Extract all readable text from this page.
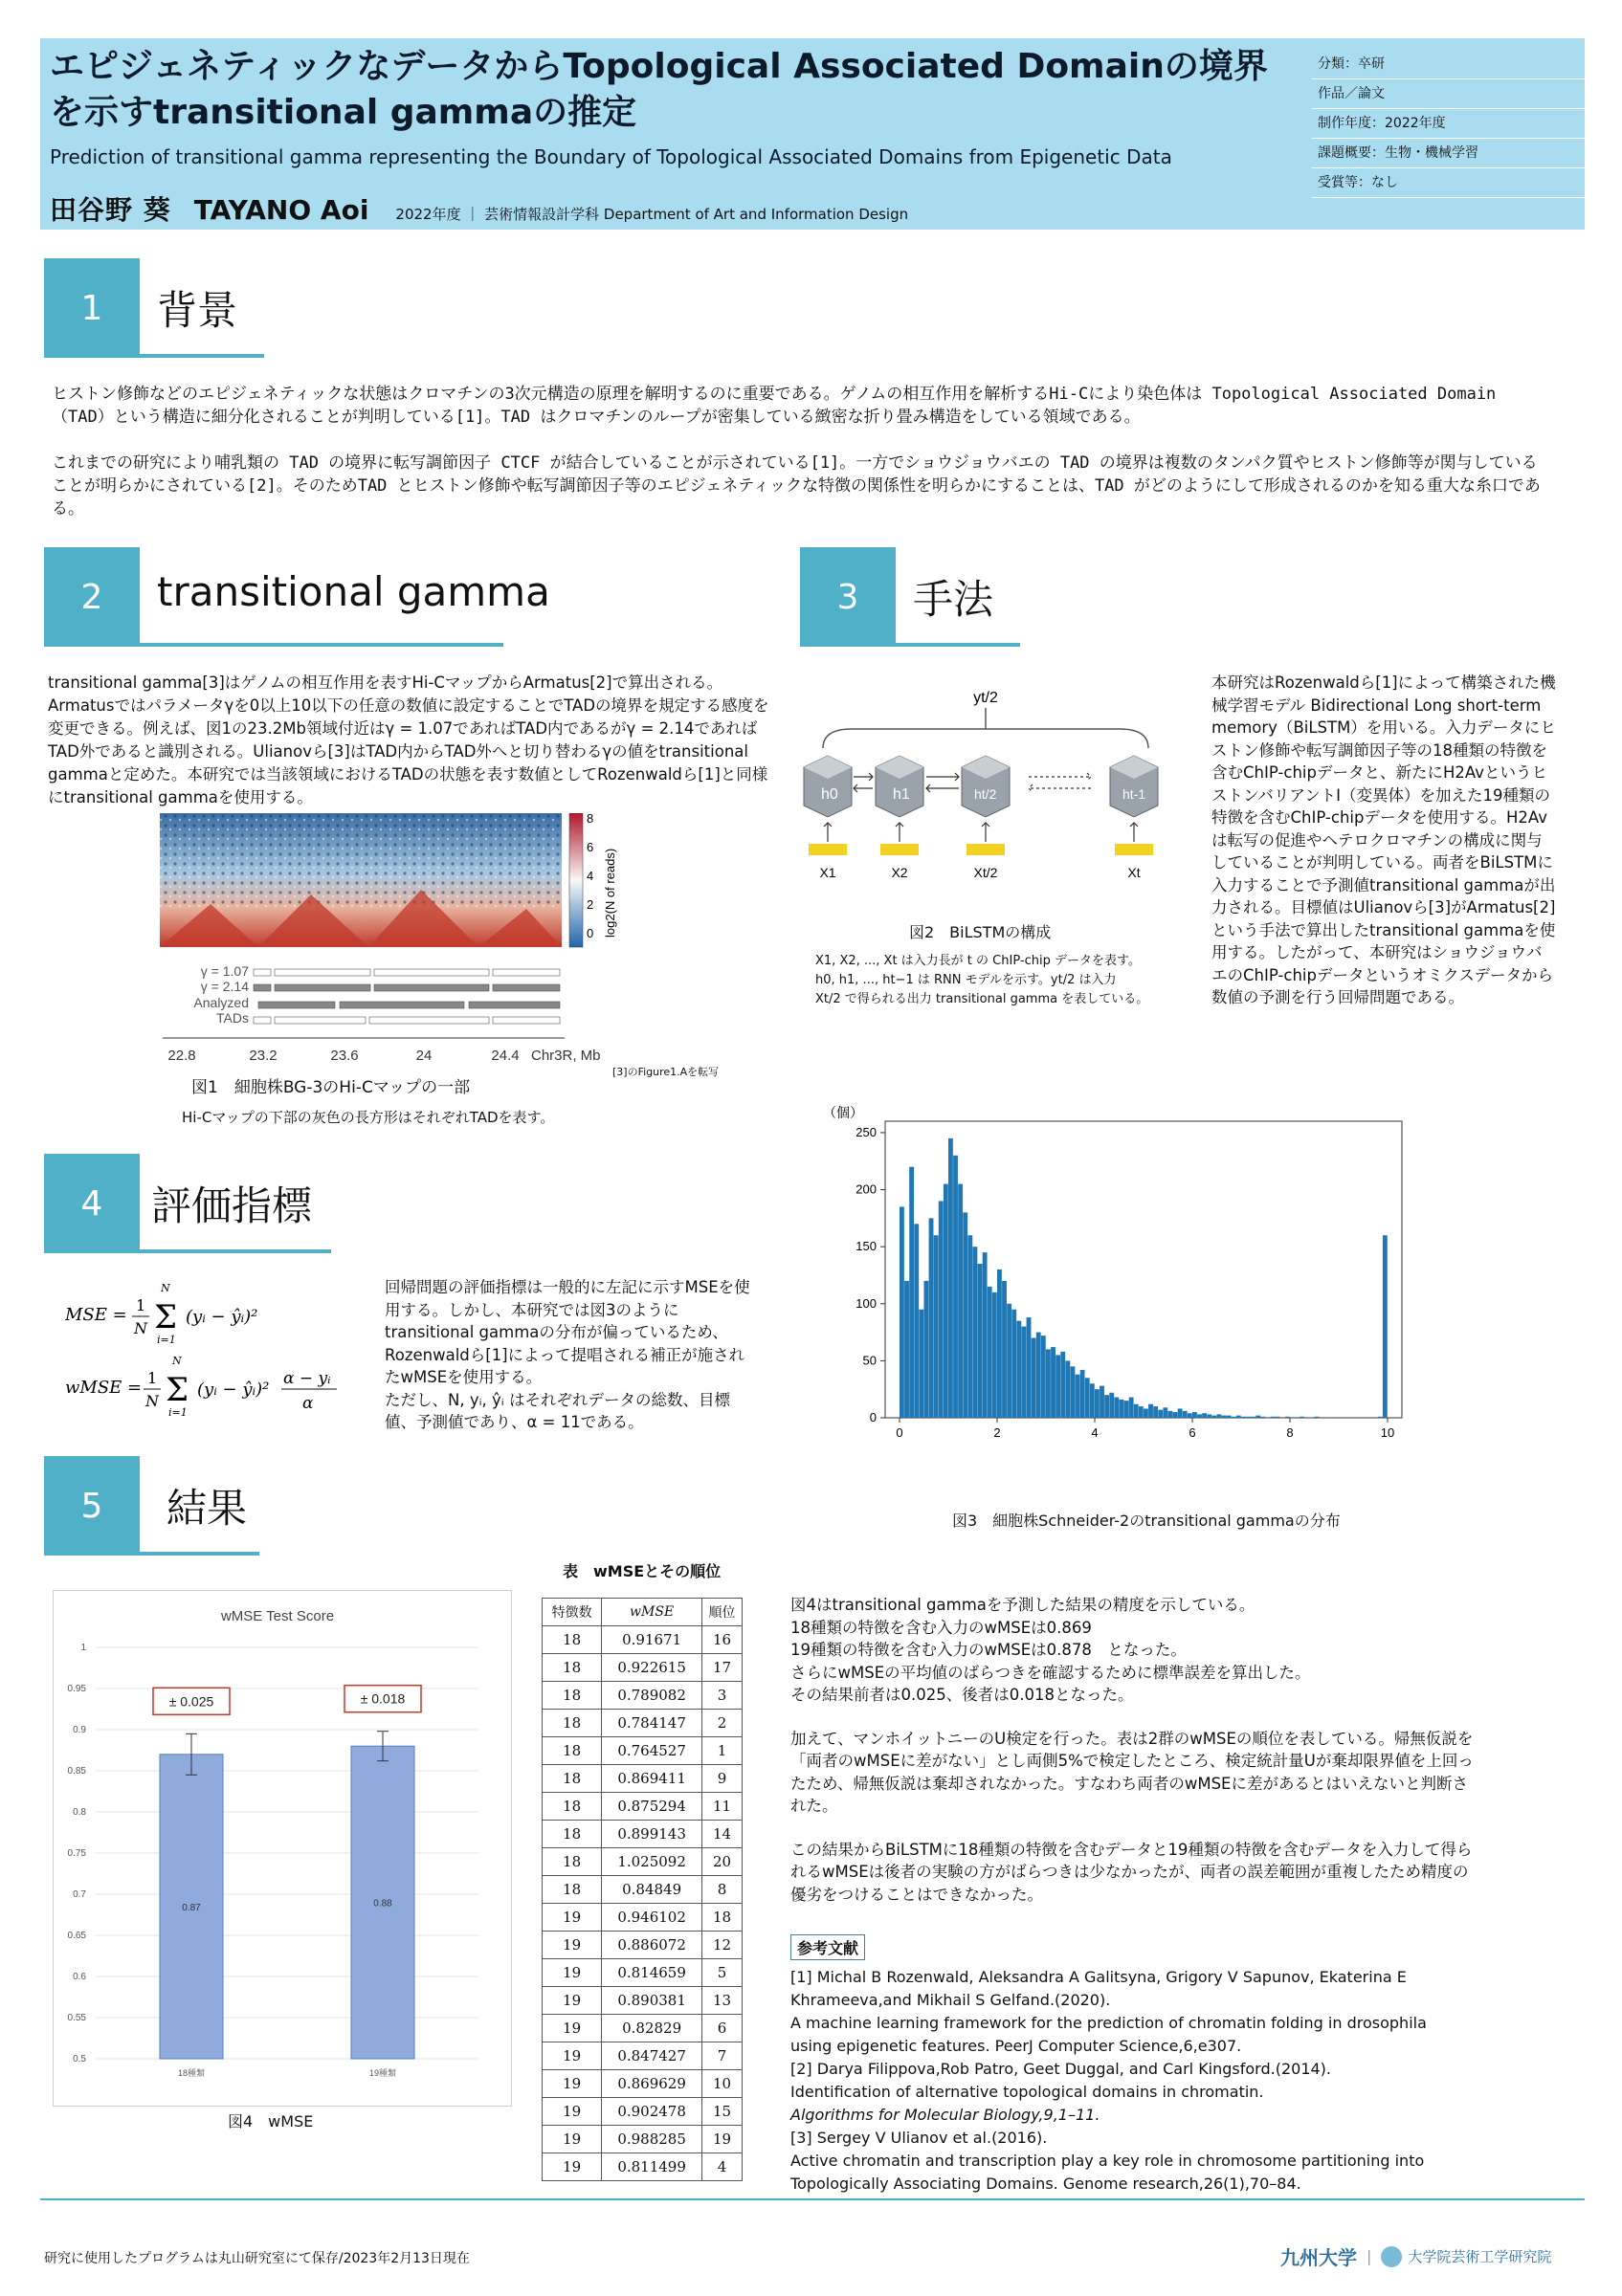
エピジェネティックなデータからTopological Associated Domainの境界を示すtransitional gammaの推定
Prediction of transitional gamma representing the Boundary of Topological Associated Domains from Epigenetic Data
田谷野 葵 TAYANO Aoi 2022年度 ｜ 芸術情報設計学科 Department of Art and Information Design
分類：卒研
作品／論文
制作年度：2022年度
課題概要：生物・機械学習
受賞等：なし
1	背景

ヒストン修飾などのエピジェネティックな状態はクロマチンの3次元構造の原理を解明するのに重要である。ゲノムの相互作用を解析するHi-Cにより染色体は Topological Associated Domain（TAD）という構造に細分化されることが判明している[1]。TAD はクロマチンのループが密集している緻密な折り畳み構造をしている領域である。

これまでの研究により哺乳類の TAD の境界に転写調節因子 CTCF が結合していることが示されている[1]。一方でショウジョウバエの TAD の境界は複数のタンパク質やヒストン修飾等が関与していることが明らかにされている[2]。そのためTAD とヒストン修飾や転写調節因子等のエピジェネティックな特徴の関係性を明らかにすることは、TAD がどのようにして形成されるのかを知る重大な糸口である。

2	transitional gamma
transitional gamma[3]はゲノムの相互作用を表すHi-CマップからArmatus[2]で算出される。Armatusではパラメータγを0以上10以下の任意の数値に設定することでTADの境界を規定する感度を変更できる。例えば、図1の23.2Mb領域付近はγ = 1.07であればTAD内であるがγ = 2.14であればTAD外であると識別される。Ulianovら[3]はTAD内からTAD外へと切り替わるγの値をtransitional gammaと定めた。本研究では当該領域におけるTADの状態を表す数値としてRozenwaldら[1]と同様にtransitional gammaを使用する。
8
6
4
2
0 log2(N of reads)
γ = 1.07
γ = 2.14
Analyzed
TADs
22.8	23.2	23.6	24	24.4 Chr3R, Mb
図1　細胞株BG-3のHi-Cマップの一部
[3]のFigure1.Aを転写
Hi-Cマップの下部の灰色の長方形はそれぞれTADを表す。
3	手法
yt/2
h0	h1	ht/2	ht-1
X1	X2	Xt/2	Xt
図2　BiLSTMの構成
X1, X2, ..., Xt は入力長が t の ChIP-chip データを表す。
h0, h1, ..., ht−1 は RNN モデルを示す。yt/2 は入力
Xt/2 で得られる出力 transitional gamma を表している。
本研究はRozenwaldら[1]によって構築された機械学習モデル Bidirectional Long short-term memory（BiLSTM）を用いる。入力データにヒストン修飾や転写調節因子等の18種類の特徴を含むChIP-chipデータと、新たにH2AvというヒストンバリアントI（変異体）を加えた19種類の特徴を含むChIP-chipデータを使用する。H2Avは転写の促進やヘテロクロマチンの構成に関与していることが判明している。両者をBiLSTMに入力することで予測値transitional gammaが出力される。目標値はUlianovら[3]がArmatus[2]という手法で算出したtransitional gammaを使用する。したがって、本研究はショウジョウバエのChIP-chipデータというオミクスデータから数値の予測を行う回帰問題である。
（個）
0
50
100
150
200
250
0	2	4	6	8	10
図3　細胞株Schneider-2のtransitional gammaの分布
4	評価指標
MSE = 1
N Σ
N
i=1
(yᵢ − ŷᵢ)²
wMSE = 1
N Σ
N
i=1
(yᵢ − ŷᵢ)²
α − yᵢ
α

回帰問題の評価指標は一般的に左記に示すMSEを使用する。しかし、本研究では図3のようにtransitional gammaの分布が偏っているため、Rozenwaldら[1]によって提唱される補正が施されたwMSEを使用する。

ただし、N, yᵢ, ŷᵢ はそれぞれデータの総数、目標値、予測値であり、α = 11である。

5	結果
wMSE Test Score
0.5
0.55
0.6
0.65
0.7
0.75
0.8
0.85
0.9
0.95
1
0.87
± 0.025
18種類
0.88
± 0.018
19種類
図4　wMSE
表　wMSEとその順位
特徴数	wMSE	順位
18	0.91671	16
18	0.922615	17
18	0.789082	3
18	0.784147	2
18	0.764527	1
18	0.869411	9
18	0.875294	11
18	0.899143	14
18	1.025092	20
18	0.84849	8
19	0.946102	18
19	0.886072	12
19	0.814659	5
19	0.890381	13
19	0.82829	6
19	0.847427	7
19	0.869629	10
19	0.902478	15
19	0.988285	19
19	0.811499	4

図4はtransitional gammaを予測した結果の精度を示している。

18種類の特徴を含む入力のwMSEは0.869

19種類の特徴を含む入力のwMSEは0.878　となった。

さらにwMSEの平均値のばらつきを確認するために標準誤差を算出した。

その結果前者は0.025、後者は0.018となった。

加えて、マンホイットニーのU検定を行った。表は2群のwMSEの順位を表している。帰無仮説を「両者のwMSEに差がない」とし両側5%で検定したところ、検定統計量Uが棄却限界値を上回ったため、帰無仮説は棄却されなかった。すなわち両者のwMSEに差があるとはいえないと判断された。

この結果からBiLSTMに18種類の特徴を含むデータと19種類の特徴を含むデータを入力して得られるwMSEは後者の実験の方がばらつきは少なかったが、両者の誤差範囲が重複したため精度の優劣をつけることはできなかった。

参考文献
[1] Michal B Rozenwald, Aleksandra A Galitsyna, Grigory V Sapunov, Ekaterina E Khrameeva,and Mikhail S Gelfand.(2020).
A machine learning framework for the prediction of chromatin folding in drosophila using epigenetic features. PeerJ Computer Science,6,e307.
[2] Darya Filippova,Rob Patro, Geet Duggal, and Carl Kingsford.(2014).
Identification of alternative topological domains in chromatin.
Algorithms for Molecular Biology,9,1–11.
[3] Sergey V Ulianov et al.(2016).
Active chromatin and transcription play a key role in chromosome partitioning into Topologically Associating Domains. Genome research,26(1),70–84.
研究に使用したプログラムは丸山研究室にて保存/2023年2月13日現在	九州大学 |	大学院芸術工学研究院
